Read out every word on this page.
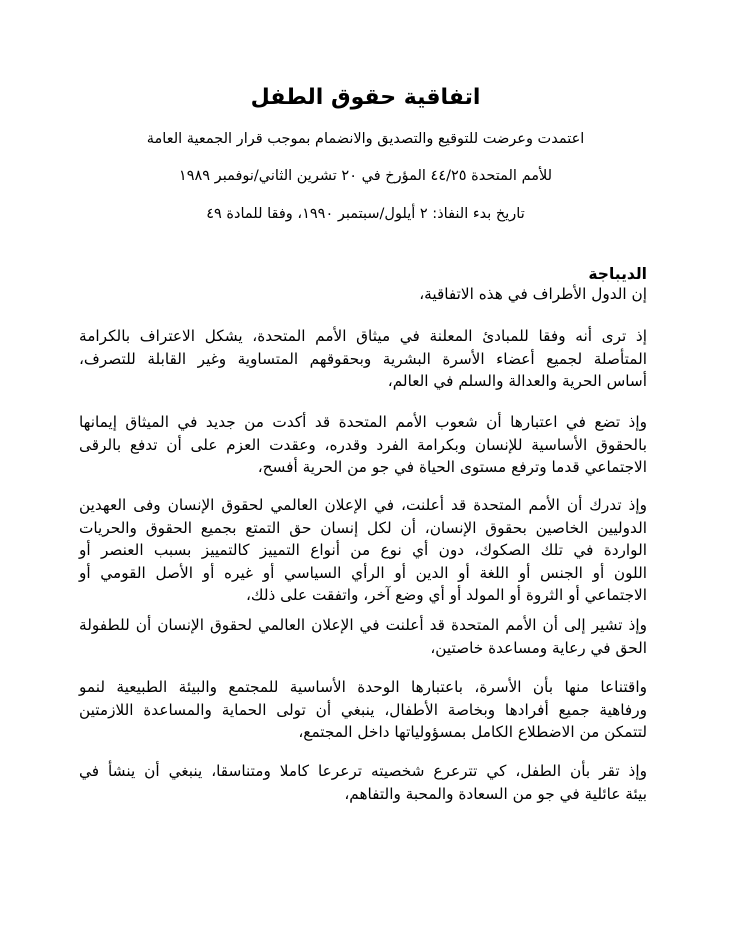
اتفاقية حقوق الطفل
اعتمدت وعرضت للتوقيع والتصديق والانضمام بموجب قرار الجمعية العامة
للأمم المتحدة ٤٤/٢٥ المؤرخ في ٢٠ تشرين الثاني/نوفمبر ١٩٨٩
تاريخ بدء النفاذ: ٢ أيلول/سبتمبر ١٩٩٠، وفقا للمادة ٤٩
الديباجة
إن الدول الأطراف في هذه الاتفاقية،
إذ ترى أنه وفقا للمبادئ المعلنة في ميثاق الأمم المتحدة، يشكل الاعتراف بالكرامة
المتأصلة لجميع أعضاء الأسرة البشرية وبحقوقهم المتساوية وغير القابلة للتصرف،
أساس الحرية والعدالة والسلم في العالم،
وإذ تضع في اعتبارها أن شعوب الأمم المتحدة قد أكدت من جديد في الميثاق إيمانها
بالحقوق الأساسية للإنسان وبكرامة الفرد وقدره، وعقدت العزم على أن تدفع بالرقى
الاجتماعي قدما وترفع مستوى الحياة في جو من الحرية أفسح،
وإذ تدرك أن الأمم المتحدة قد أعلنت، في الإعلان العالمي لحقوق الإنسان وفى العهدين
الدوليين الخاصين بحقوق الإنسان، أن لكل إنسان حق التمتع بجميع الحقوق والحريات
الواردة في تلك الصكوك، دون أي نوع من أنواع التمييز كالتمييز بسبب العنصر أو
اللون أو الجنس أو اللغة أو الدين أو الرأي السياسي أو غيره أو الأصل القومي أو
الاجتماعي أو الثروة أو المولد أو أي وضع آخر، واتفقت على ذلك،
وإذ تشير إلى أن الأمم المتحدة قد أعلنت في الإعلان العالمي لحقوق الإنسان أن للطفولة
الحق في رعاية ومساعدة خاصتين،
واقتناعا منها بأن الأسرة، باعتبارها الوحدة الأساسية للمجتمع والبيئة الطبيعية لنمو
ورفاهية جميع أفرادها وبخاصة الأطفال، ينبغي أن تولى الحماية والمساعدة اللازمتين
لتتمكن من الاضطلاع الكامل بمسؤولياتها داخل المجتمع،
وإذ تقر بأن الطفل، كي تترعرع شخصيته ترعرعا كاملا ومتناسقا، ينبغي أن ينشأ في
بيئة عائلية في جو من السعادة والمحبة والتفاهم،
